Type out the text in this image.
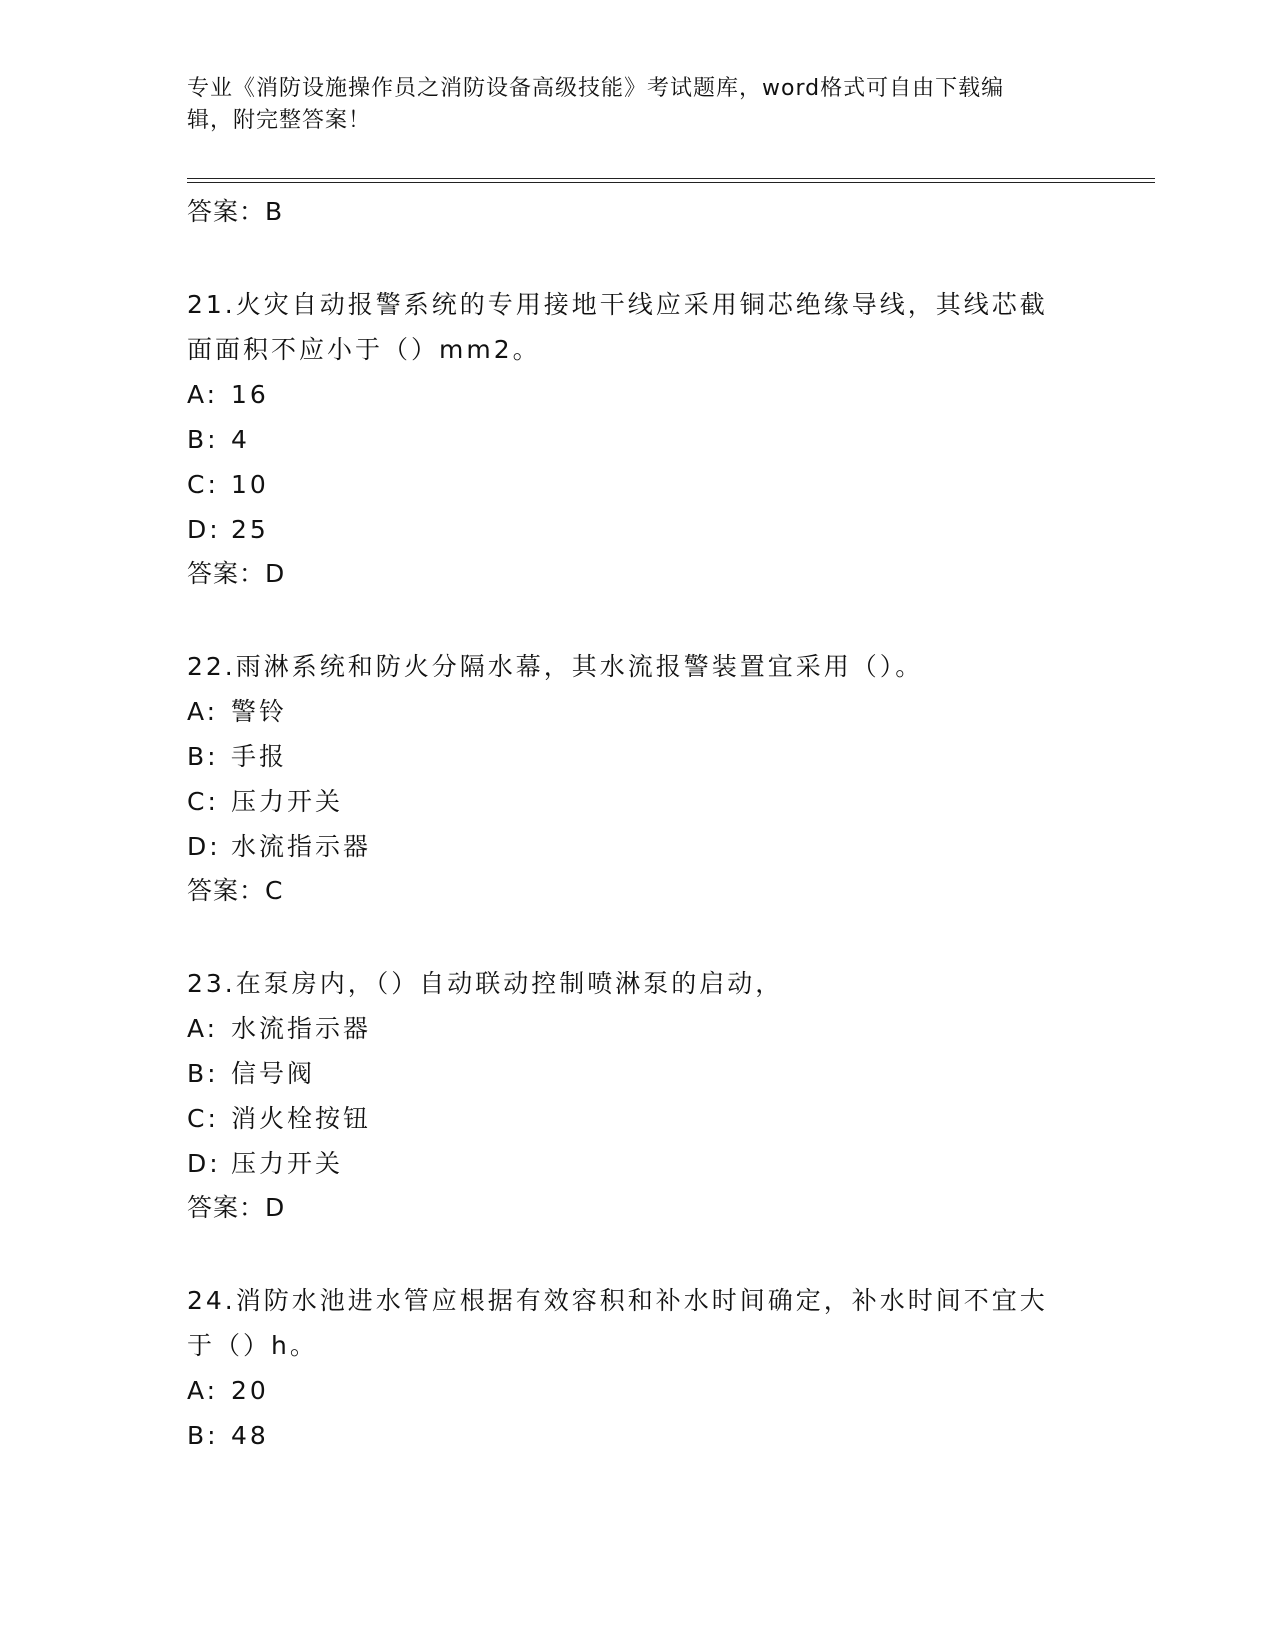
专业《消防设施操作员之消防设备高级技能》考试题库，word格式可自由下载编
辑，附完整答案！
答案：B
21.火灾自动报警系统的专用接地干线应采用铜芯绝缘导线，其线芯截
面面积不应小于（）mm2。
A: 16
B: 4
C: 10
D: 25
答案：D
22.雨淋系统和防火分隔水幕，其水流报警装置宜采用（）。
A: 警铃
B: 手报
C: 压力开关
D: 水流指示器
答案：C
23.在泵房内，（）自动联动控制喷淋泵的启动，
A: 水流指示器
B: 信号阀
C: 消火栓按钮
D: 压力开关
答案：D
24.消防水池进水管应根据有效容积和补水时间确定，补水时间不宜大
于（）h。
A: 20
B: 48
